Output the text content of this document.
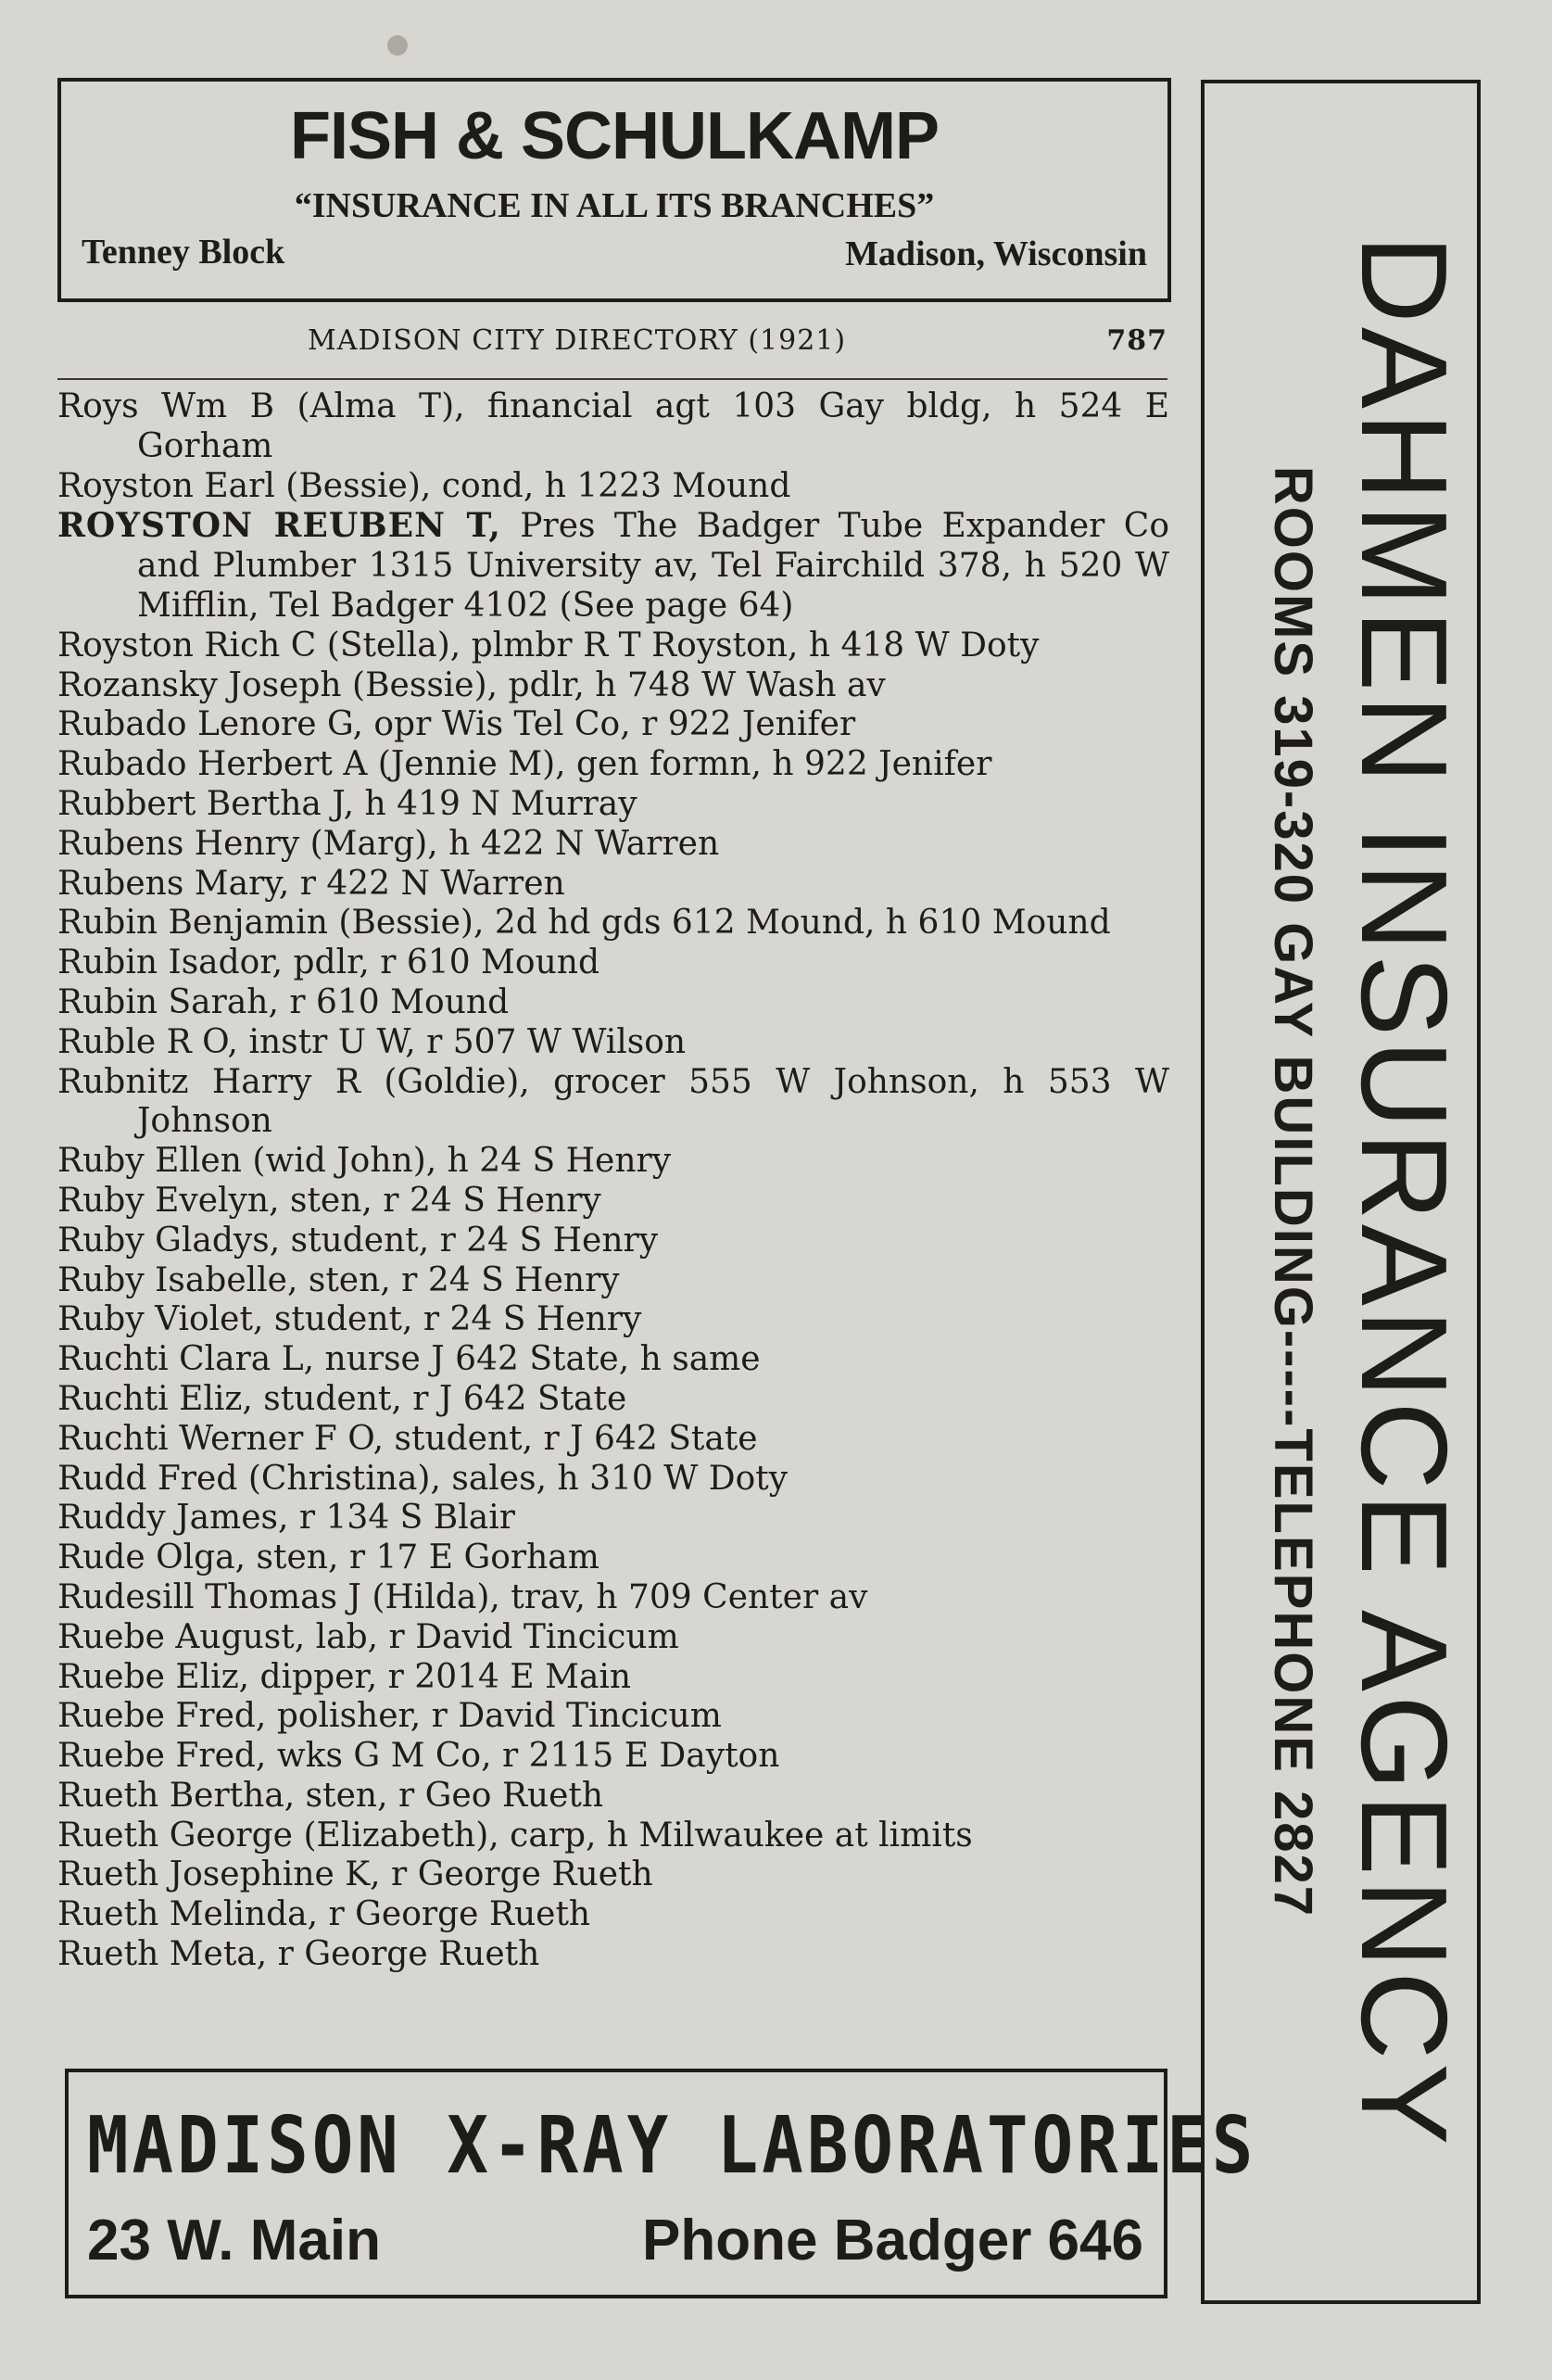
FISH & SCHULKAMP
“INSURANCE IN ALL ITS BRANCHES”
Tenney Block	Madison, Wisconsin
MADISON CITY DIRECTORY (1921)	787
Roys Wm B (Alma T), financial agt 103 Gay bldg, h 524 E Gorham
Royston Earl (Bessie), cond, h 1223 Mound
ROYSTON REUBEN T, Pres The Badger Tube Expander Co and Plumber 1315 University av, Tel Fairchild 378, h 520 W Mifflin, Tel Badger 4102 (See page 64)
Royston Rich C (Stella), plmbr R T Royston, h 418 W Doty
Rozansky Joseph (Bessie), pdlr, h 748 W Wash av
Rubado Lenore G, opr Wis Tel Co, r 922 Jenifer
Rubado Herbert A (Jennie M), gen formn, h 922 Jenifer
Rubbert Bertha J, h 419 N Murray
Rubens Henry (Marg), h 422 N Warren
Rubens Mary, r 422 N Warren
Rubin Benjamin (Bessie), 2d hd gds 612 Mound, h 610 Mound
Rubin Isador, pdlr, r 610 Mound
Rubin Sarah, r 610 Mound
Ruble R O, instr U W, r 507 W Wilson
Rubnitz Harry R (Goldie), grocer 555 W Johnson, h 553 W Johnson
Ruby Ellen (wid John), h 24 S Henry
Ruby Evelyn, sten, r 24 S Henry
Ruby Gladys, student, r 24 S Henry
Ruby Isabelle, sten, r 24 S Henry
Ruby Violet, student, r 24 S Henry
Ruchti Clara L, nurse J 642 State, h same
Ruchti Eliz, student, r J 642 State
Ruchti Werner F O, student, r J 642 State
Rudd Fred (Christina), sales, h 310 W Doty
Ruddy James, r 134 S Blair
Rude Olga, sten, r 17 E Gorham
Rudesill Thomas J (Hilda), trav, h 709 Center av
Ruebe August, lab, r David Tincicum
Ruebe Eliz, dipper, r 2014 E Main
Ruebe Fred, polisher, r David Tincicum
Ruebe Fred, wks G M Co, r 2115 E Dayton
Rueth Bertha, sten, r Geo Rueth
Rueth George (Elizabeth), carp, h Milwaukee at limits
Rueth Josephine K, r George Rueth
Rueth Melinda, r George Rueth
Rueth Meta, r George Rueth
MADISON X-RAY LABORATORIES
23 W. Main	Phone Badger 646
DAHMEN INSURANCE AGENCY
ROOMS 319-320 GAY BUILDING-----TELEPHONE 2827
